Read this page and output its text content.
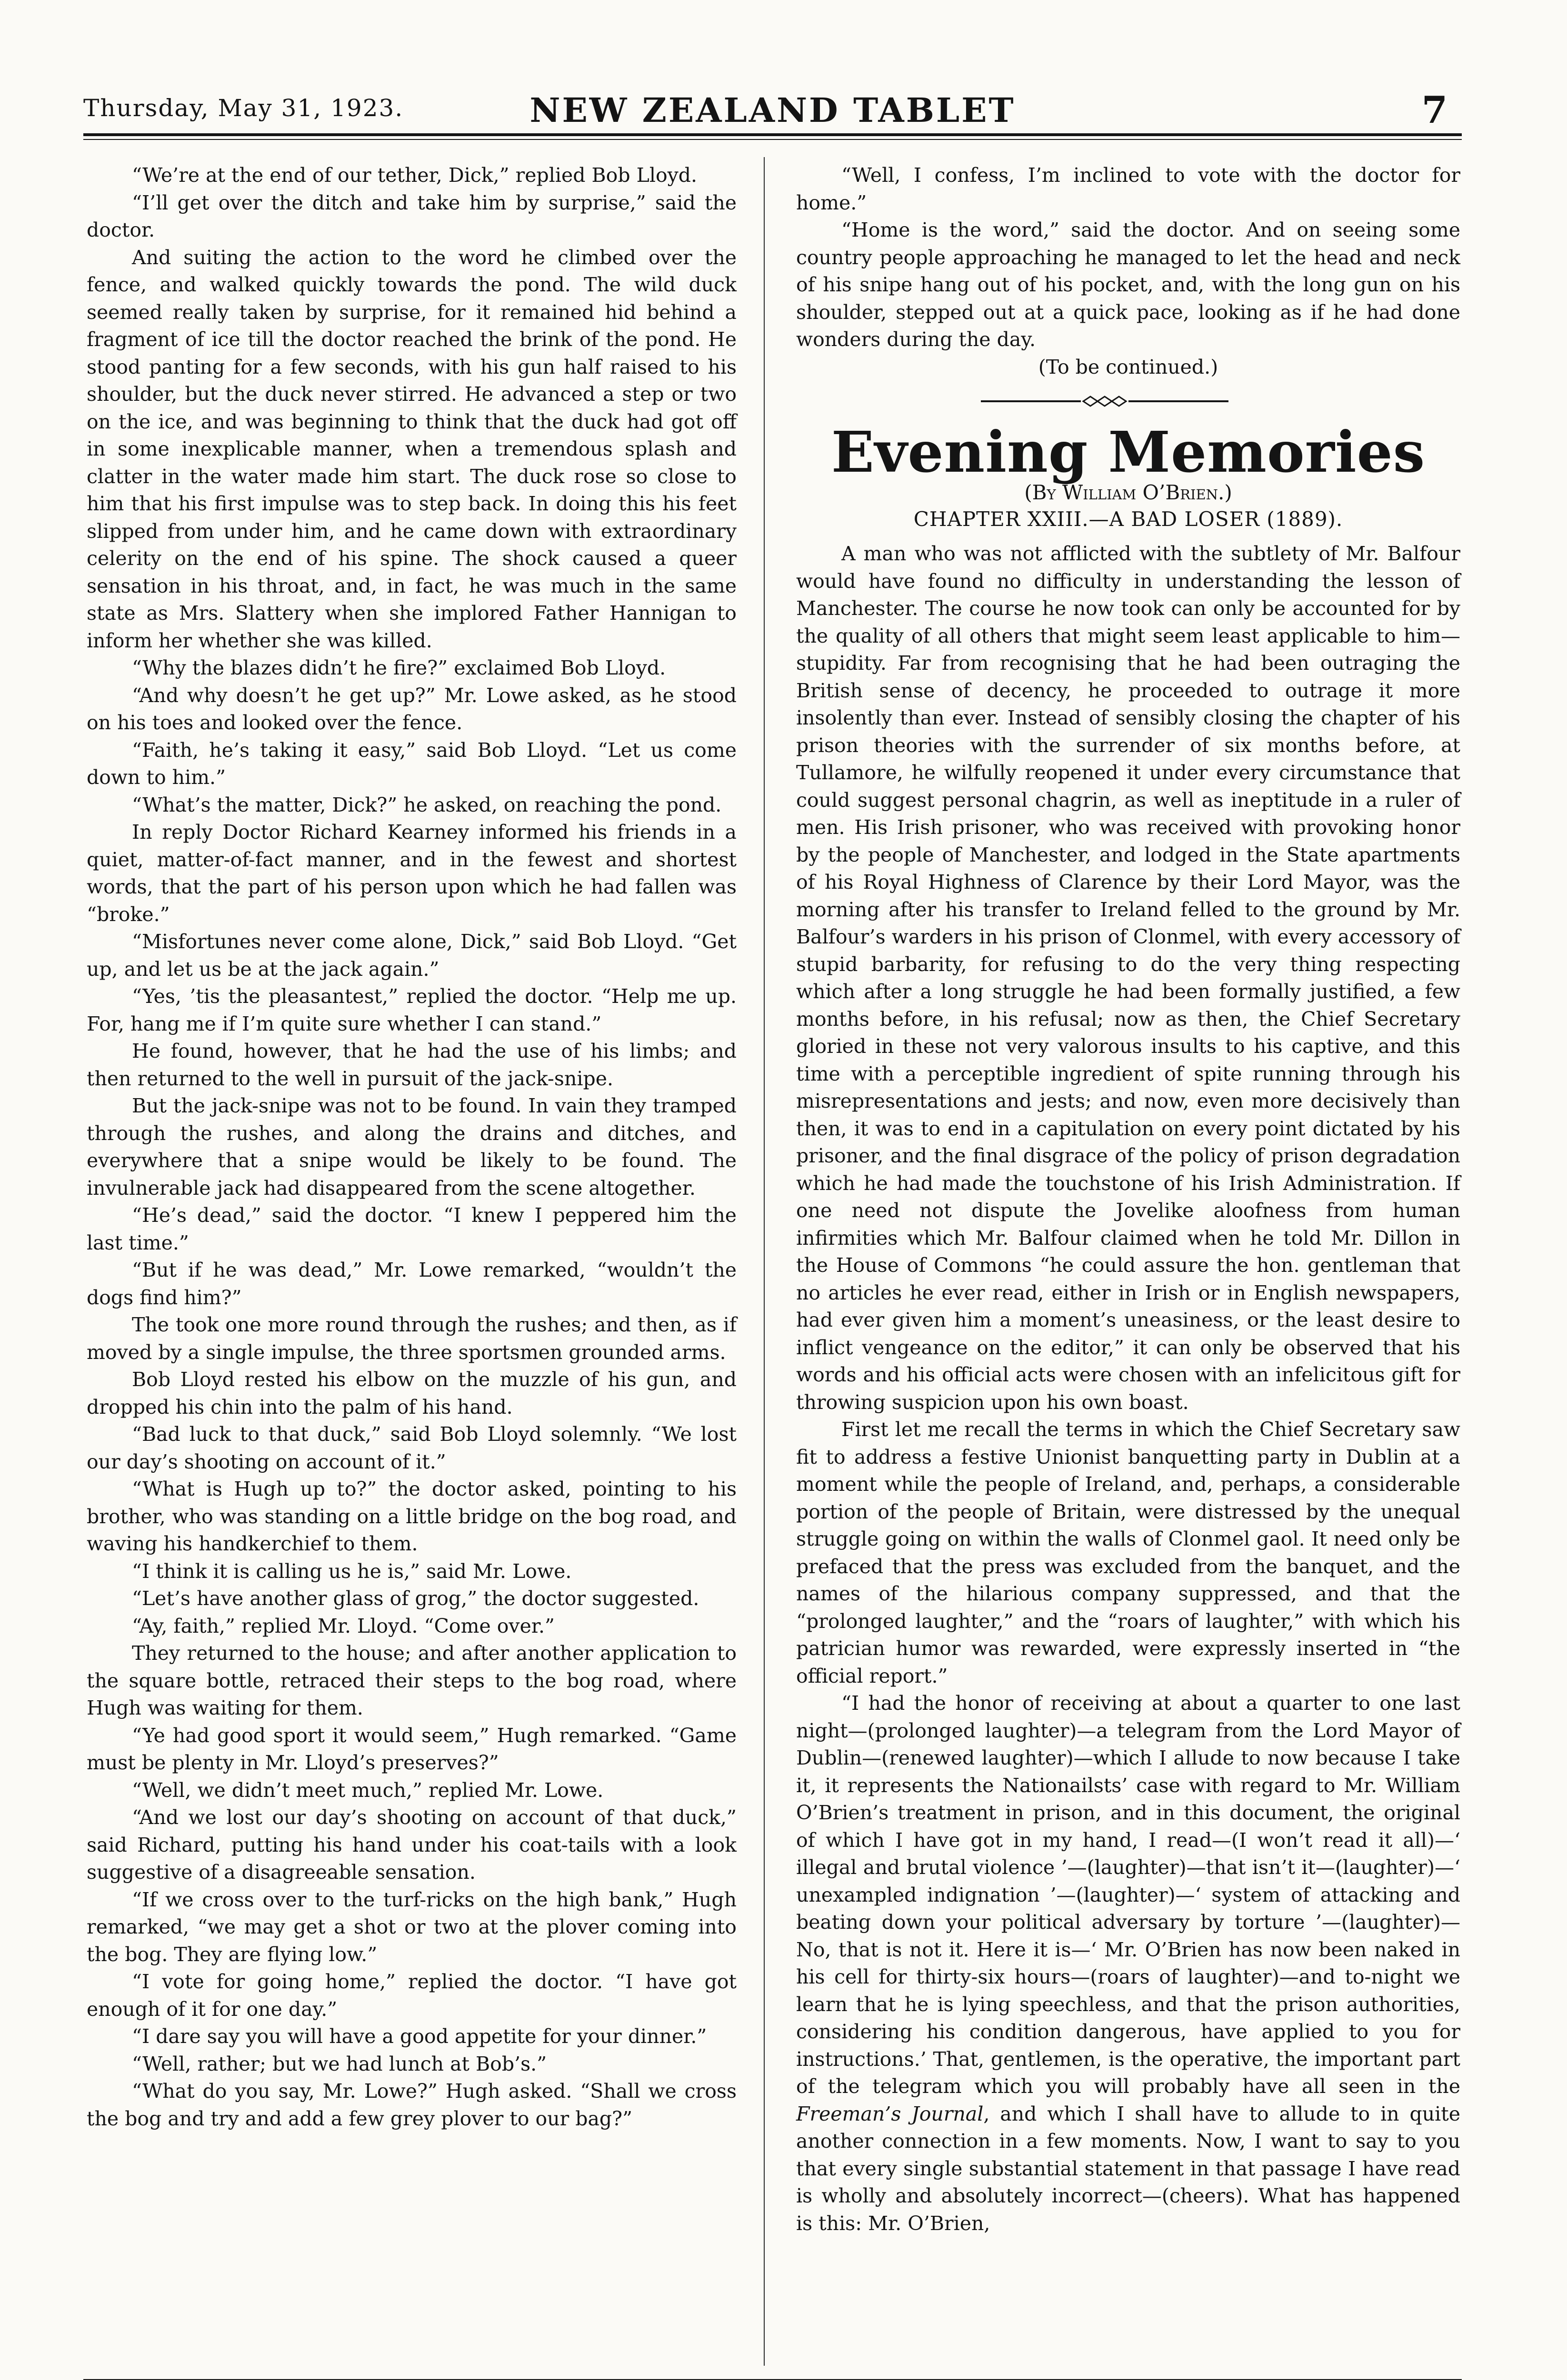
Thursday, May 31, 1923.	NEW ZEALAND TABLET	7

“We’re at the end of our tether, Dick,” replied Bob Lloyd.

“I’ll get over the ditch and take him by surprise,” said the doctor.

And suiting the action to the word he climbed over the fence, and walked quickly towards the pond. The wild duck seemed really taken by surprise, for it remained hid behind a fragment of ice till the doctor reached the brink of the pond. He stood panting for a few seconds, with his gun half raised to his shoulder, but the duck never stirred. He advanced a step or two on the ice, and was beginning to think that the duck had got off in some inexplicable manner, when a tremendous splash and clatter in the water made him start. The duck rose so close to him that his first impulse was to step back. In doing this his feet slipped from under him, and he came down with extraordinary celerity on the end of his spine. The shock caused a queer sensation in his throat, and, in fact, he was much in the same state as Mrs. Slattery when she implored Father Hannigan to inform her whether she was killed.

“Why the blazes didn’t he fire?” exclaimed Bob Lloyd.

“And why doesn’t he get up?” Mr. Lowe asked, as he stood on his toes and looked over the fence.

“Faith, he’s taking it easy,” said Bob Lloyd. “Let us come down to him.”

“What’s the matter, Dick?” he asked, on reaching the pond.

In reply Doctor Richard Kearney informed his friends in a quiet, matter-of-fact manner, and in the fewest and shortest words, that the part of his person upon which he had fallen was “broke.”

“Misfortunes never come alone, Dick,” said Bob Lloyd. “Get up, and let us be at the jack again.”

“Yes, ’tis the pleasantest,” replied the doctor. “Help me up. For, hang me if I’m quite sure whether I can stand.”

He found, however, that he had the use of his limbs; and then returned to the well in pursuit of the jack-snipe.

But the jack-snipe was not to be found. In vain they tramped through the rushes, and along the drains and ditches, and everywhere that a snipe would be likely to be found. The invulnerable jack had disappeared from the scene altogether.

“He’s dead,” said the doctor. “I knew I peppered him the last time.”

“But if he was dead,” Mr. Lowe remarked, “wouldn’t the dogs find him?”

The took one more round through the rushes; and then, as if moved by a single impulse, the three sportsmen grounded arms.

Bob Lloyd rested his elbow on the muzzle of his gun, and dropped his chin into the palm of his hand.

“Bad luck to that duck,” said Bob Lloyd solemnly. “We lost our day’s shooting on account of it.”

“What is Hugh up to?” the doctor asked, pointing to his brother, who was standing on a little bridge on the bog road, and waving his handkerchief to them.

“I think it is calling us he is,” said Mr. Lowe.

“Let’s have another glass of grog,” the doctor suggested.

“Ay, faith,” replied Mr. Lloyd. “Come over.”

They returned to the house; and after another application to the square bottle, retraced their steps to the bog road, where Hugh was waiting for them.

“Ye had good sport it would seem,” Hugh remarked. “Game must be plenty in Mr. Lloyd’s preserves?”

“Well, we didn’t meet much,” replied Mr. Lowe.

“And we lost our day’s shooting on account of that duck,” said Richard, putting his hand under his coat-tails with a look suggestive of a disagreeable sensation.

“If we cross over to the turf-ricks on the high bank,” Hugh remarked, “we may get a shot or two at the plover coming into the bog. They are flying low.”

“I vote for going home,” replied the doctor. “I have got enough of it for one day.”

“I dare say you will have a good appetite for your dinner.”

“Well, rather; but we had lunch at Bob’s.”

“What do you say, Mr. Lowe?” Hugh asked. “Shall we cross the bog and try and add a few grey plover to our bag?”

“Well, I confess, I’m inclined to vote with the doctor for home.”

“Home is the word,” said the doctor. And on seeing some country people approaching he managed to let the head and neck of his snipe hang out of his pocket, and, with the long gun on his shoulder, stepped out at a quick pace, looking as if he had done wonders during the day.

(To be continued.)

Evening Memories
(By William O’Brien.)
CHAPTER XXIII.—A BAD LOSER (1889).

A man who was not afflicted with the subtlety of Mr. Balfour would have found no difficulty in understanding the lesson of Manchester. The course he now took can only be accounted for by the quality of all others that might seem least applicable to him—stupidity. Far from recognising that he had been outraging the British sense of decency, he proceeded to outrage it more insolently than ever. Instead of sensibly closing the chapter of his prison theories with the surrender of six months before, at Tullamore, he wilfully reopened it under every circumstance that could suggest personal chagrin, as well as ineptitude in a ruler of men. His Irish prisoner, who was received with provoking honor by the people of Manchester, and lodged in the State apartments of his Royal Highness of Clarence by their Lord Mayor, was the morning after his transfer to Ireland felled to the ground by Mr. Balfour’s warders in his prison of Clonmel, with every accessory of stupid barbarity, for refusing to do the very thing respecting which after a long struggle he had been formally justified, a few months before, in his refusal; now as then, the Chief Secretary gloried in these not very valorous insults to his captive, and this time with a perceptible ingredient of spite running through his misrepresentations and jests; and now, even more decisively than then, it was to end in a capitulation on every point dictated by his prisoner, and the final disgrace of the policy of prison degradation which he had made the touchstone of his Irish Administration. If one need not dispute the Jovelike aloofness from human infirmities which Mr. Balfour claimed when he told Mr. Dillon in the House of Commons “he could assure the hon. gentleman that no articles he ever read, either in Irish or in English newspapers, had ever given him a moment’s uneasiness, or the least desire to inflict vengeance on the editor,” it can only be observed that his words and his official acts were chosen with an infelicitous gift for throwing suspicion upon his own boast.

First let me recall the terms in which the Chief Secretary saw fit to address a festive Unionist banquetting party in Dublin at a moment while the people of Ireland, and, perhaps, a considerable portion of the people of Britain, were distressed by the unequal struggle going on within the walls of Clonmel gaol. It need only be prefaced that the press was excluded from the banquet, and the names of the hilarious company suppressed, and that the “prolonged laughter,” and the “roars of laughter,” with which his patrician humor was rewarded, were expressly inserted in “the official report.”

“I had the honor of receiving at about a quarter to one last night—(prolonged laughter)—a telegram from the Lord Mayor of Dublin—(renewed laughter)—which I allude to now because I take it, it represents the Nationailsts’ case with regard to Mr. William O’Brien’s treatment in prison, and in this document, the original of which I have got in my hand, I read—(I won’t read it all)—‘ illegal and brutal violence ’—(laughter)—that isn’t it—(laughter)—‘ unexampled indignation ’—(laughter)—‘ system of attacking and beating down your political adversary by torture ’—(laughter)—No, that is not it. Here it is—‘ Mr. O’Brien has now been naked in his cell for thirty-six hours—(roars of laughter)—and to-night we learn that he is lying speechless, and that the prison authorities, considering his condition dangerous, have applied to you for instructions.’ That, gentlemen, is the operative, the important part of the telegram which you will probably have all seen in the Freeman’s Journal, and which I shall have to allude to in quite another connection in a few moments. Now, I want to say to you that every single substantial statement in that passage I have read is wholly and absolutely incorrect—(cheers). What has happened is this: Mr. O’Brien,
